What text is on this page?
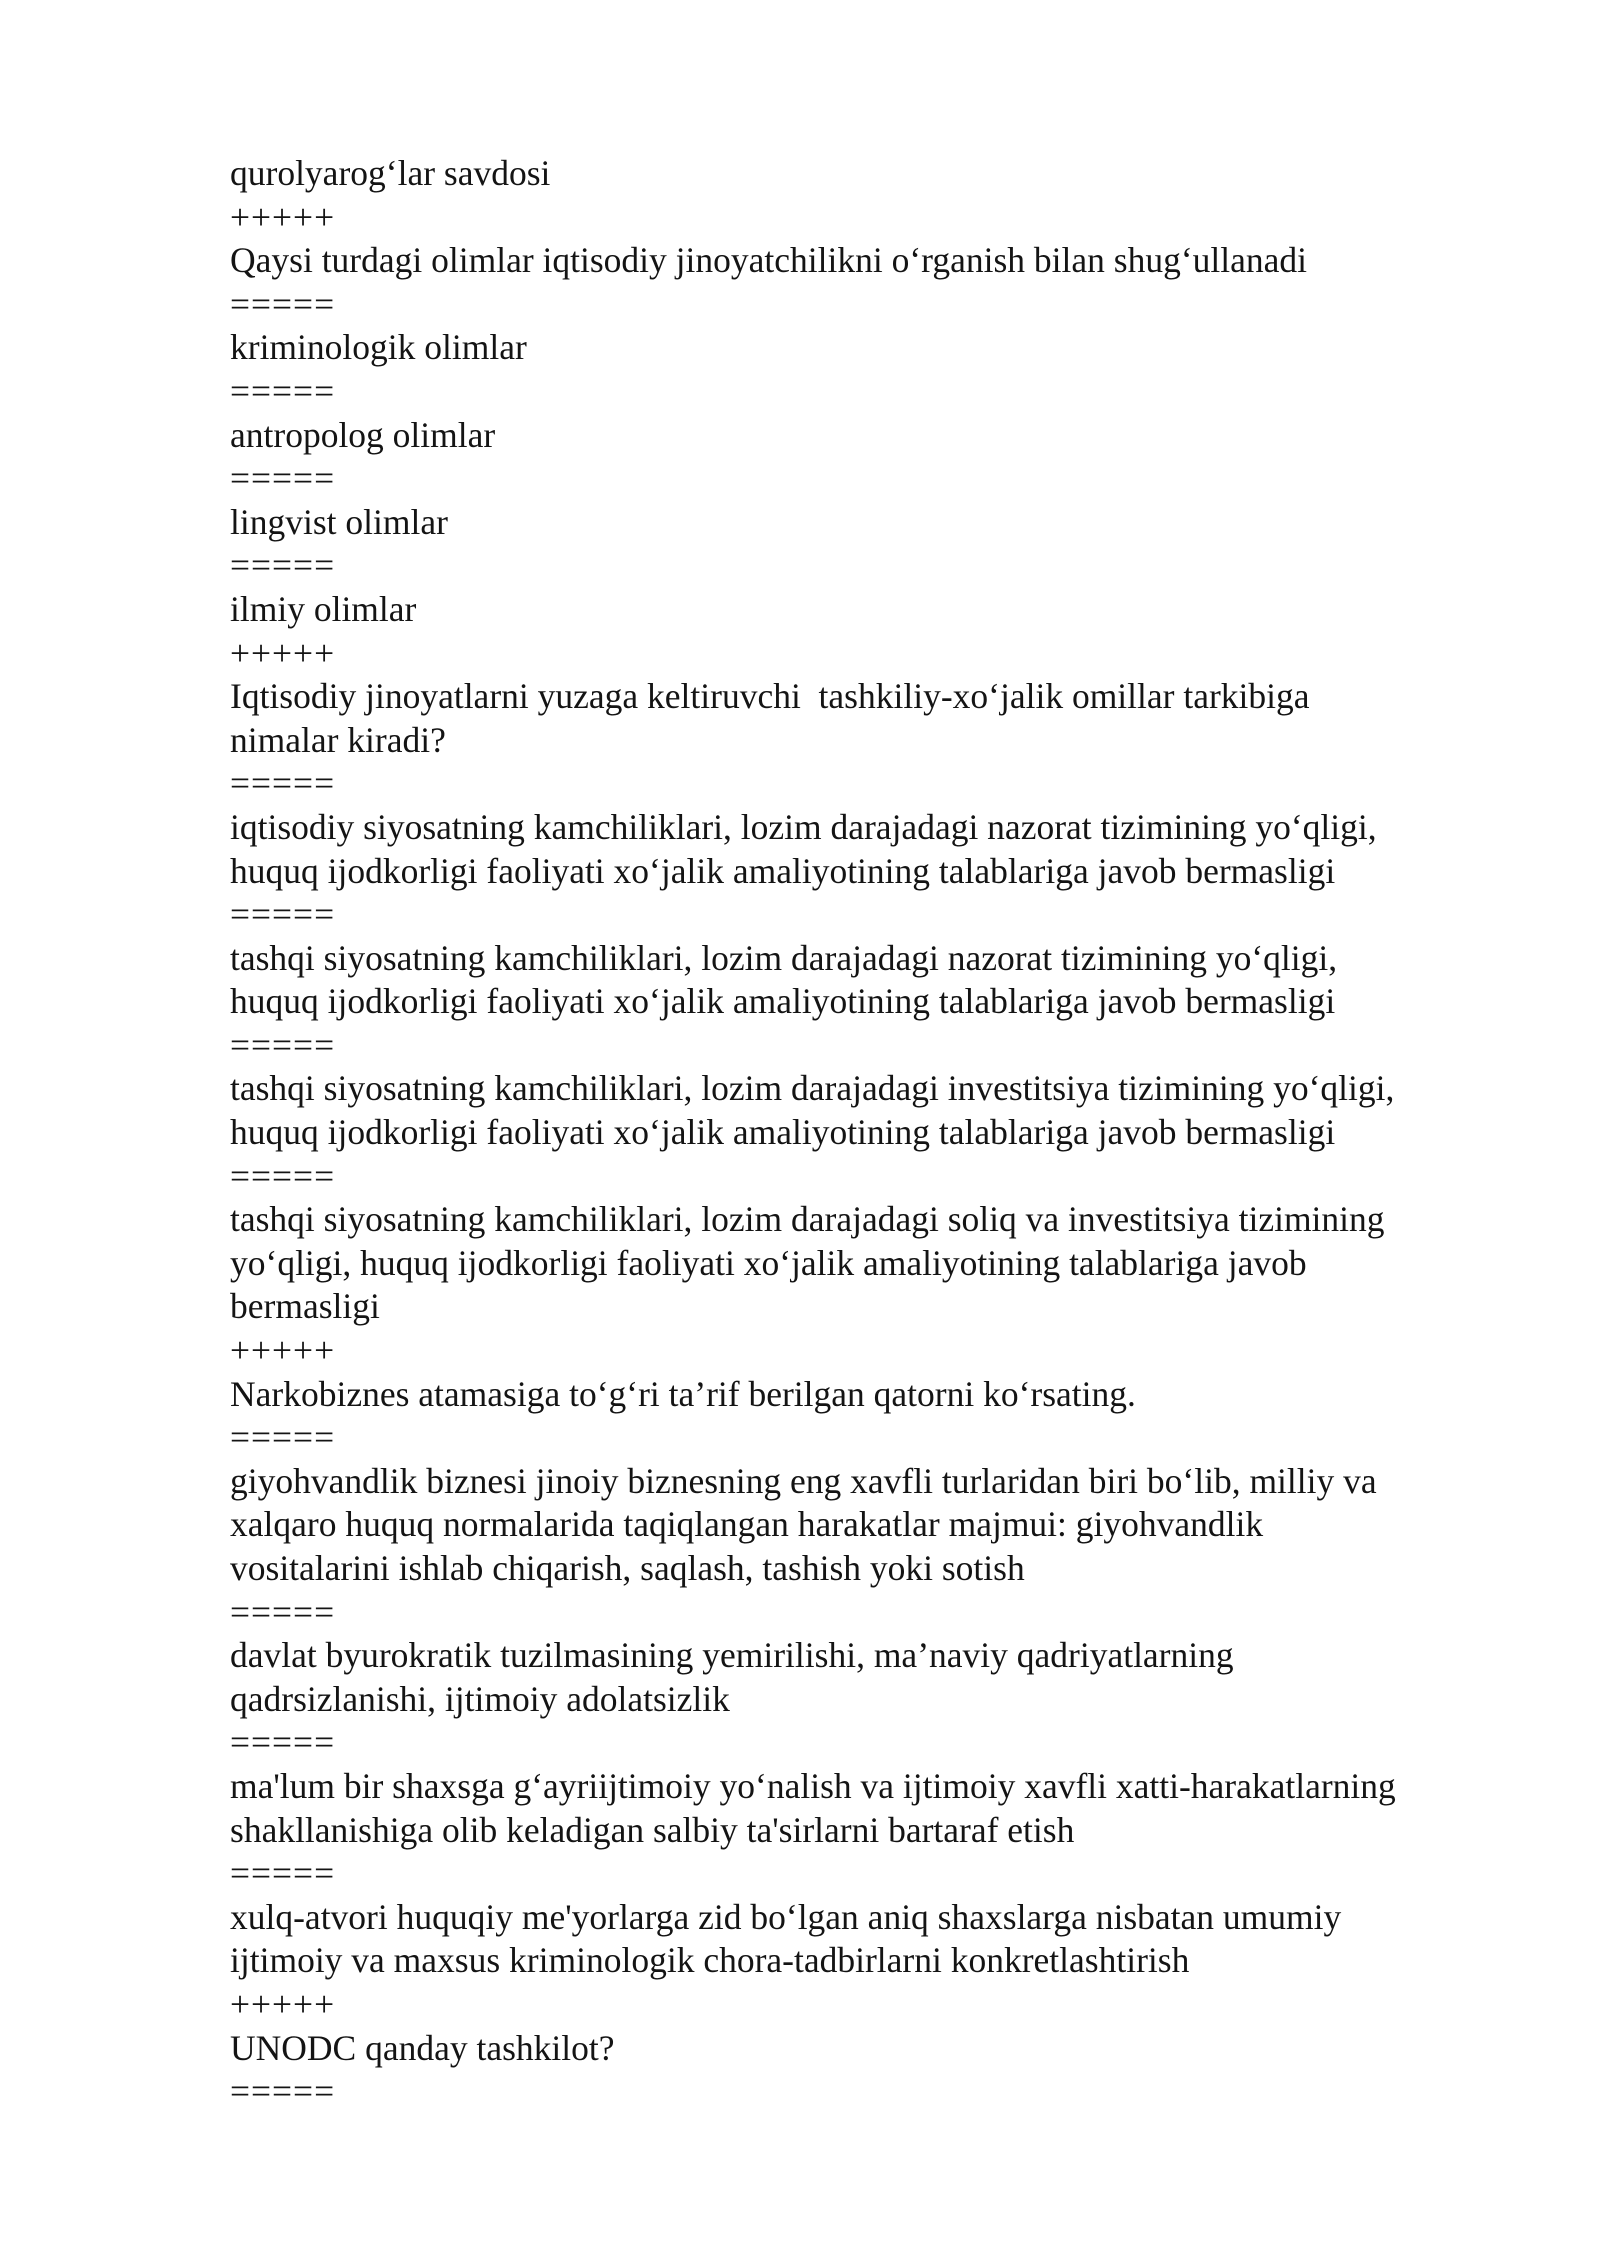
qurolyarog‘lar savdosi
+++++
Qaysi turdagi olimlar iqtisodiy jinoyatchilikni o‘rganish bilan shug‘ullanadi
=====
kriminologik olimlar
=====
antropolog olimlar
=====
lingvist olimlar
=====
ilmiy olimlar
+++++
Iqtisodiy jinoyatlarni yuzaga keltiruvchi  tashkiliy-xo‘jalik omillar tarkibiga
nimalar kiradi?
=====
iqtisodiy siyosatning kamchiliklari, lozim darajadagi nazorat tizimining yo‘qligi,
huquq ijodkorligi faoliyati xo‘jalik amaliyotining talablariga javob bermasligi
=====
tashqi siyosatning kamchiliklari, lozim darajadagi nazorat tizimining yo‘qligi,
huquq ijodkorligi faoliyati xo‘jalik amaliyotining talablariga javob bermasligi
=====
tashqi siyosatning kamchiliklari, lozim darajadagi investitsiya tizimining yo‘qligi,
huquq ijodkorligi faoliyati xo‘jalik amaliyotining talablariga javob bermasligi
=====
tashqi siyosatning kamchiliklari, lozim darajadagi soliq va investitsiya tizimining
yo‘qligi, huquq ijodkorligi faoliyati xo‘jalik amaliyotining talablariga javob
bermasligi
+++++
Narkobiznes atamasiga to‘g‘ri ta’rif berilgan qatorni ko‘rsating.
=====
giyohvandlik biznesi jinoiy biznesning eng xavfli turlaridan biri bo‘lib, milliy va
xalqaro huquq normalarida taqiqlangan harakatlar majmui: giyohvandlik
vositalarini ishlab chiqarish, saqlash, tashish yoki sotish
=====
davlat byurokratik tuzilmasining yemirilishi, ma’naviy qadriyatlarning
qadrsizlanishi, ijtimoiy adolatsizlik
=====
ma'lum bir shaxsga g‘ayriijtimoiy yo‘nalish va ijtimoiy xavfli xatti-harakatlarning
shakllanishiga olib keladigan salbiy ta'sirlarni bartaraf etish
=====
xulq-atvori huquqiy me'yorlarga zid bo‘lgan aniq shaxslarga nisbatan umumiy
ijtimoiy va maxsus kriminologik chora-tadbirlarni konkretlashtirish
+++++
UNODC qanday tashkilot?
=====
